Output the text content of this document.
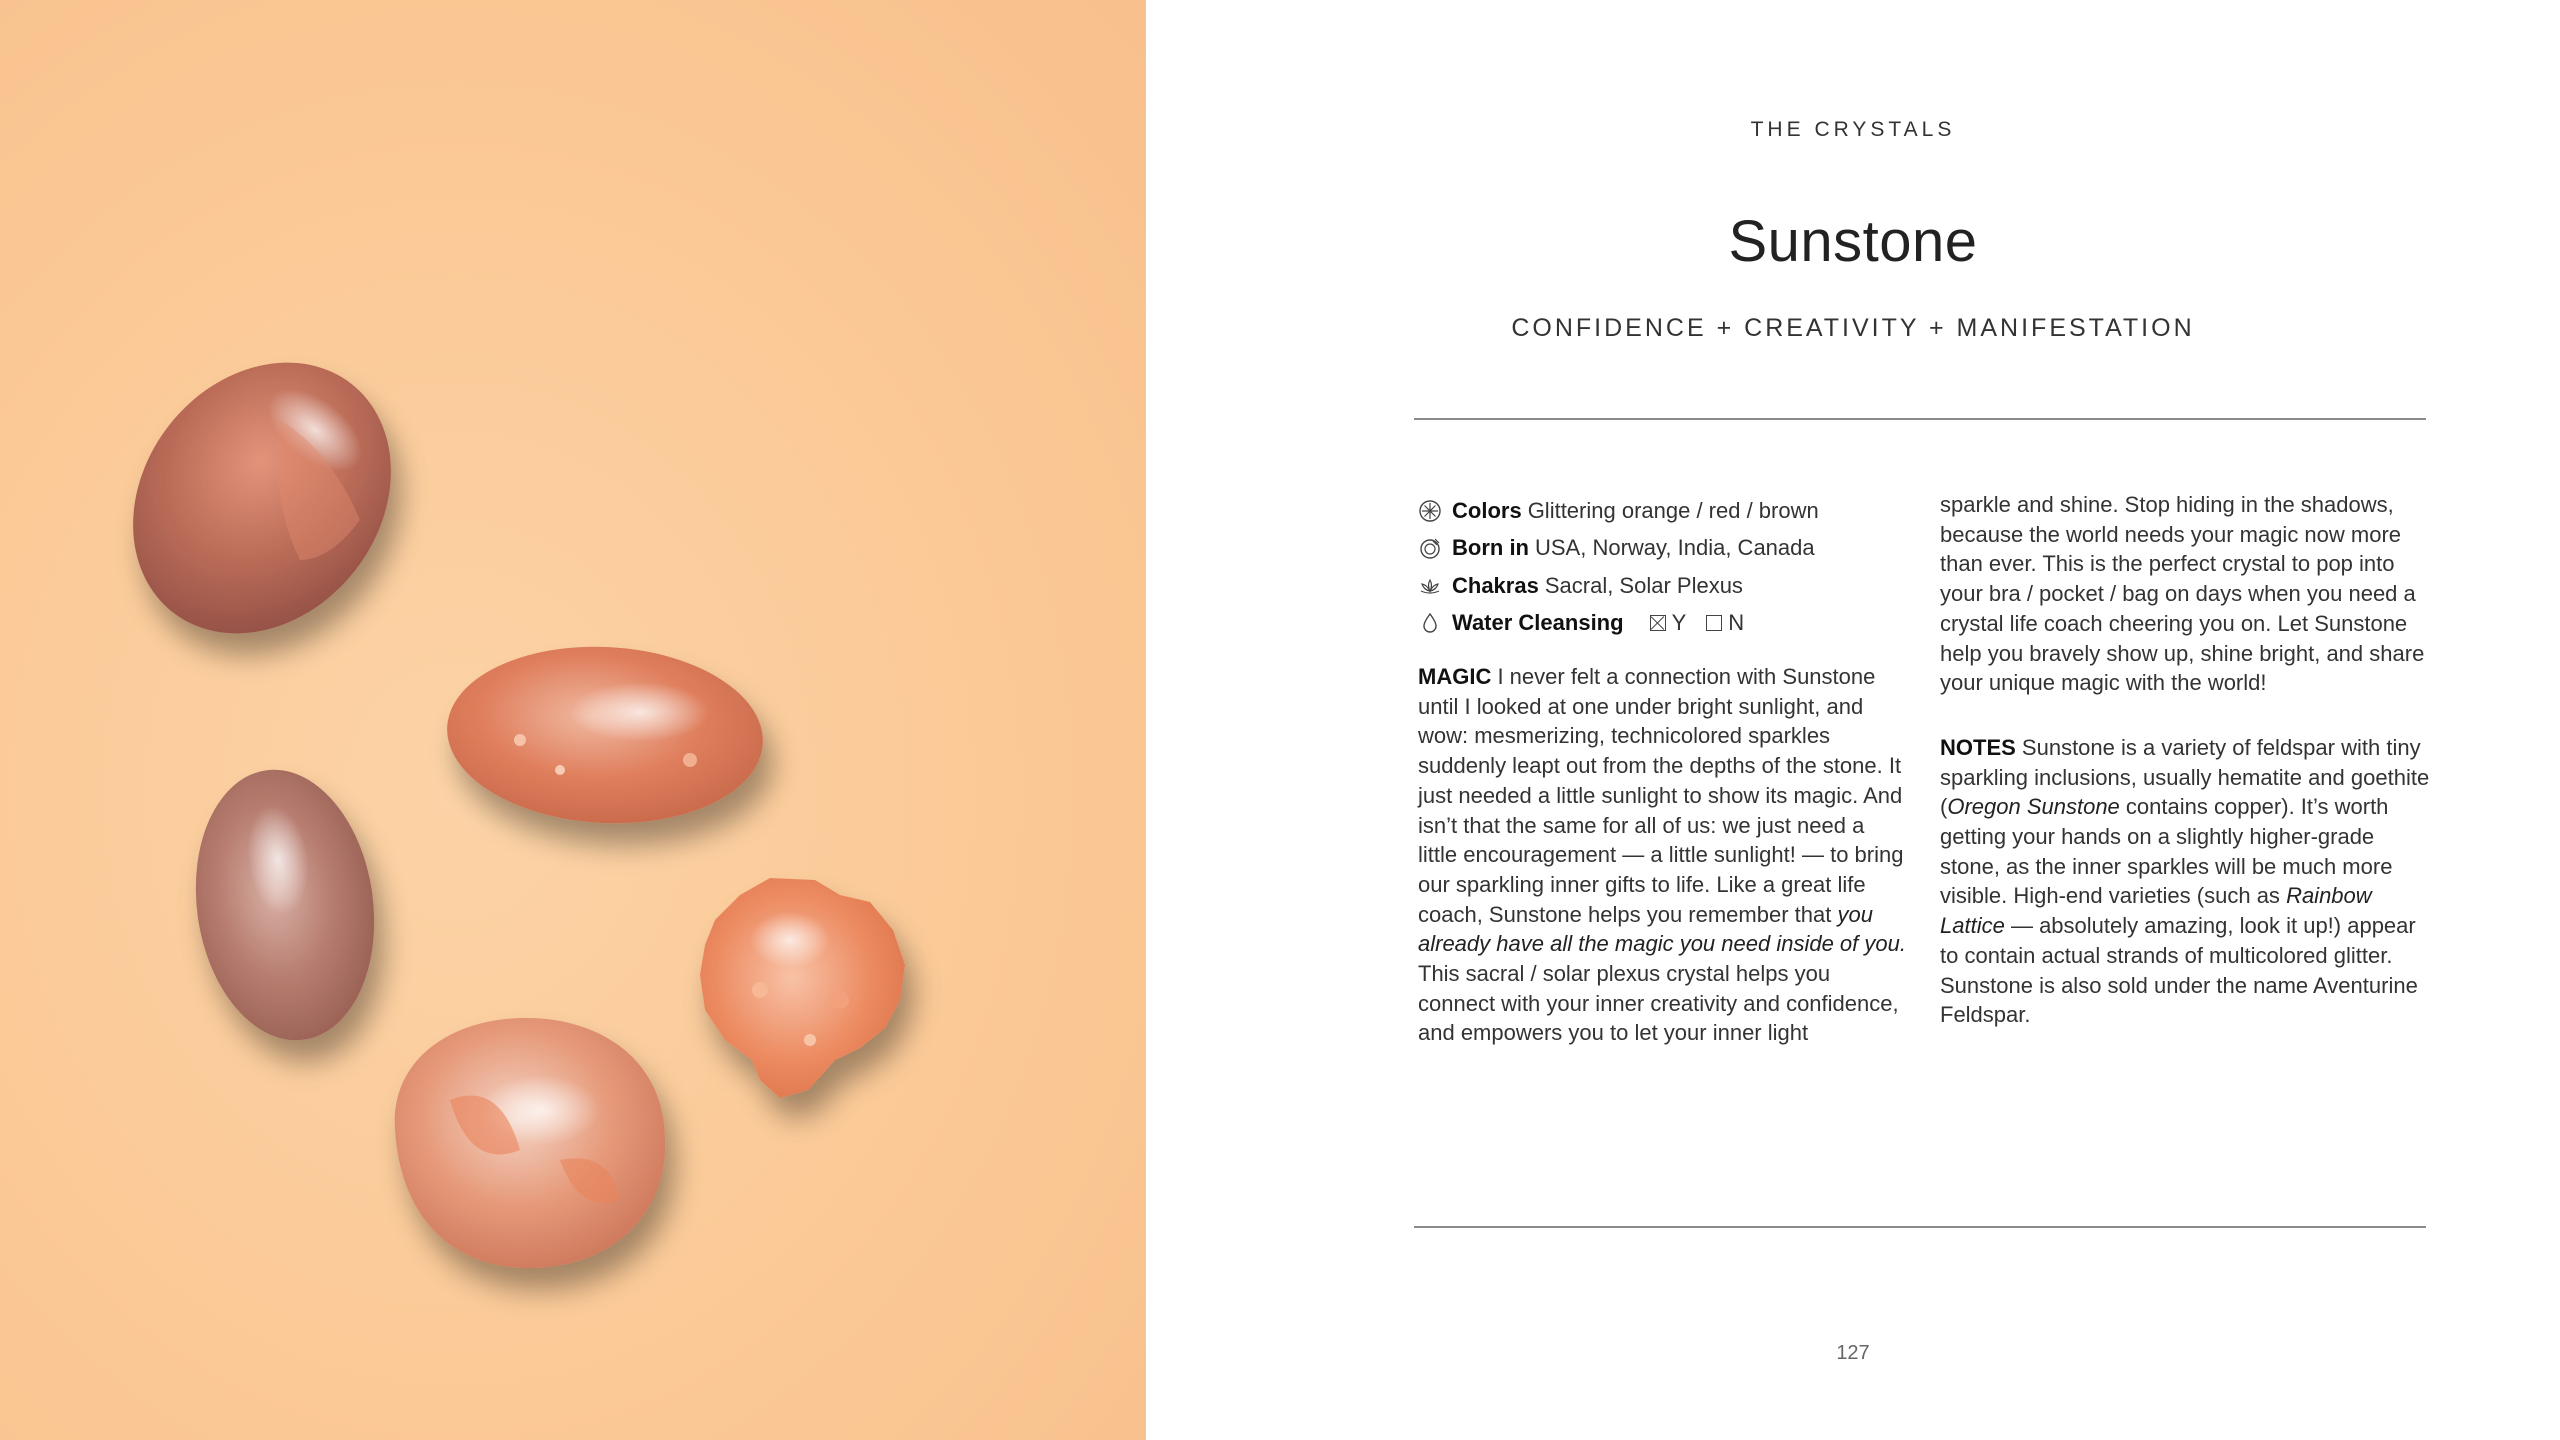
THE CRYSTALS
Sunstone
CONFIDENCE + CREATIVITY + MANIFESTATION
Colors Glittering orange / red / brown
Born in USA, Norway, India, Canada
Chakras Sacral, Solar Plexus
Water Cleansing Y N
MAGIC I never felt a connection with Sunstone until I looked at one under bright sunlight, and wow: mesmerizing, technicolored sparkles suddenly leapt out from the depths of the stone. It just needed a little sunlight to show its magic. And isn’t that the same for all of us: we just need a little encouragement — a little sunlight! — to bring our sparkling inner gifts to life. Like a great life coach, Sunstone helps you remember that you already have all the magic you need inside of you. This sacral / solar plexus crystal helps you connect with your inner creativity and confidence, and empowers you to let your inner light
sparkle and shine. Stop hiding in the shadows, because the world needs your magic now more than ever. This is the perfect crystal to pop into your bra / pocket / bag on days when you need a crystal life coach cheering you on. Let Sunstone help you bravely show up, shine bright, and share your unique magic with the world!
NOTES Sunstone is a variety of feldspar with tiny sparkling inclusions, usually hematite and goethite (Oregon Sunstone contains copper). It’s worth getting your hands on a slightly higher-grade stone, as the inner sparkles will be much more visible. High-end varieties (such as Rainbow Lattice — absolutely amazing, look it up!) appear to contain actual strands of multicolored glitter. Sunstone is also sold under the name Aventurine Feldspar.
127
